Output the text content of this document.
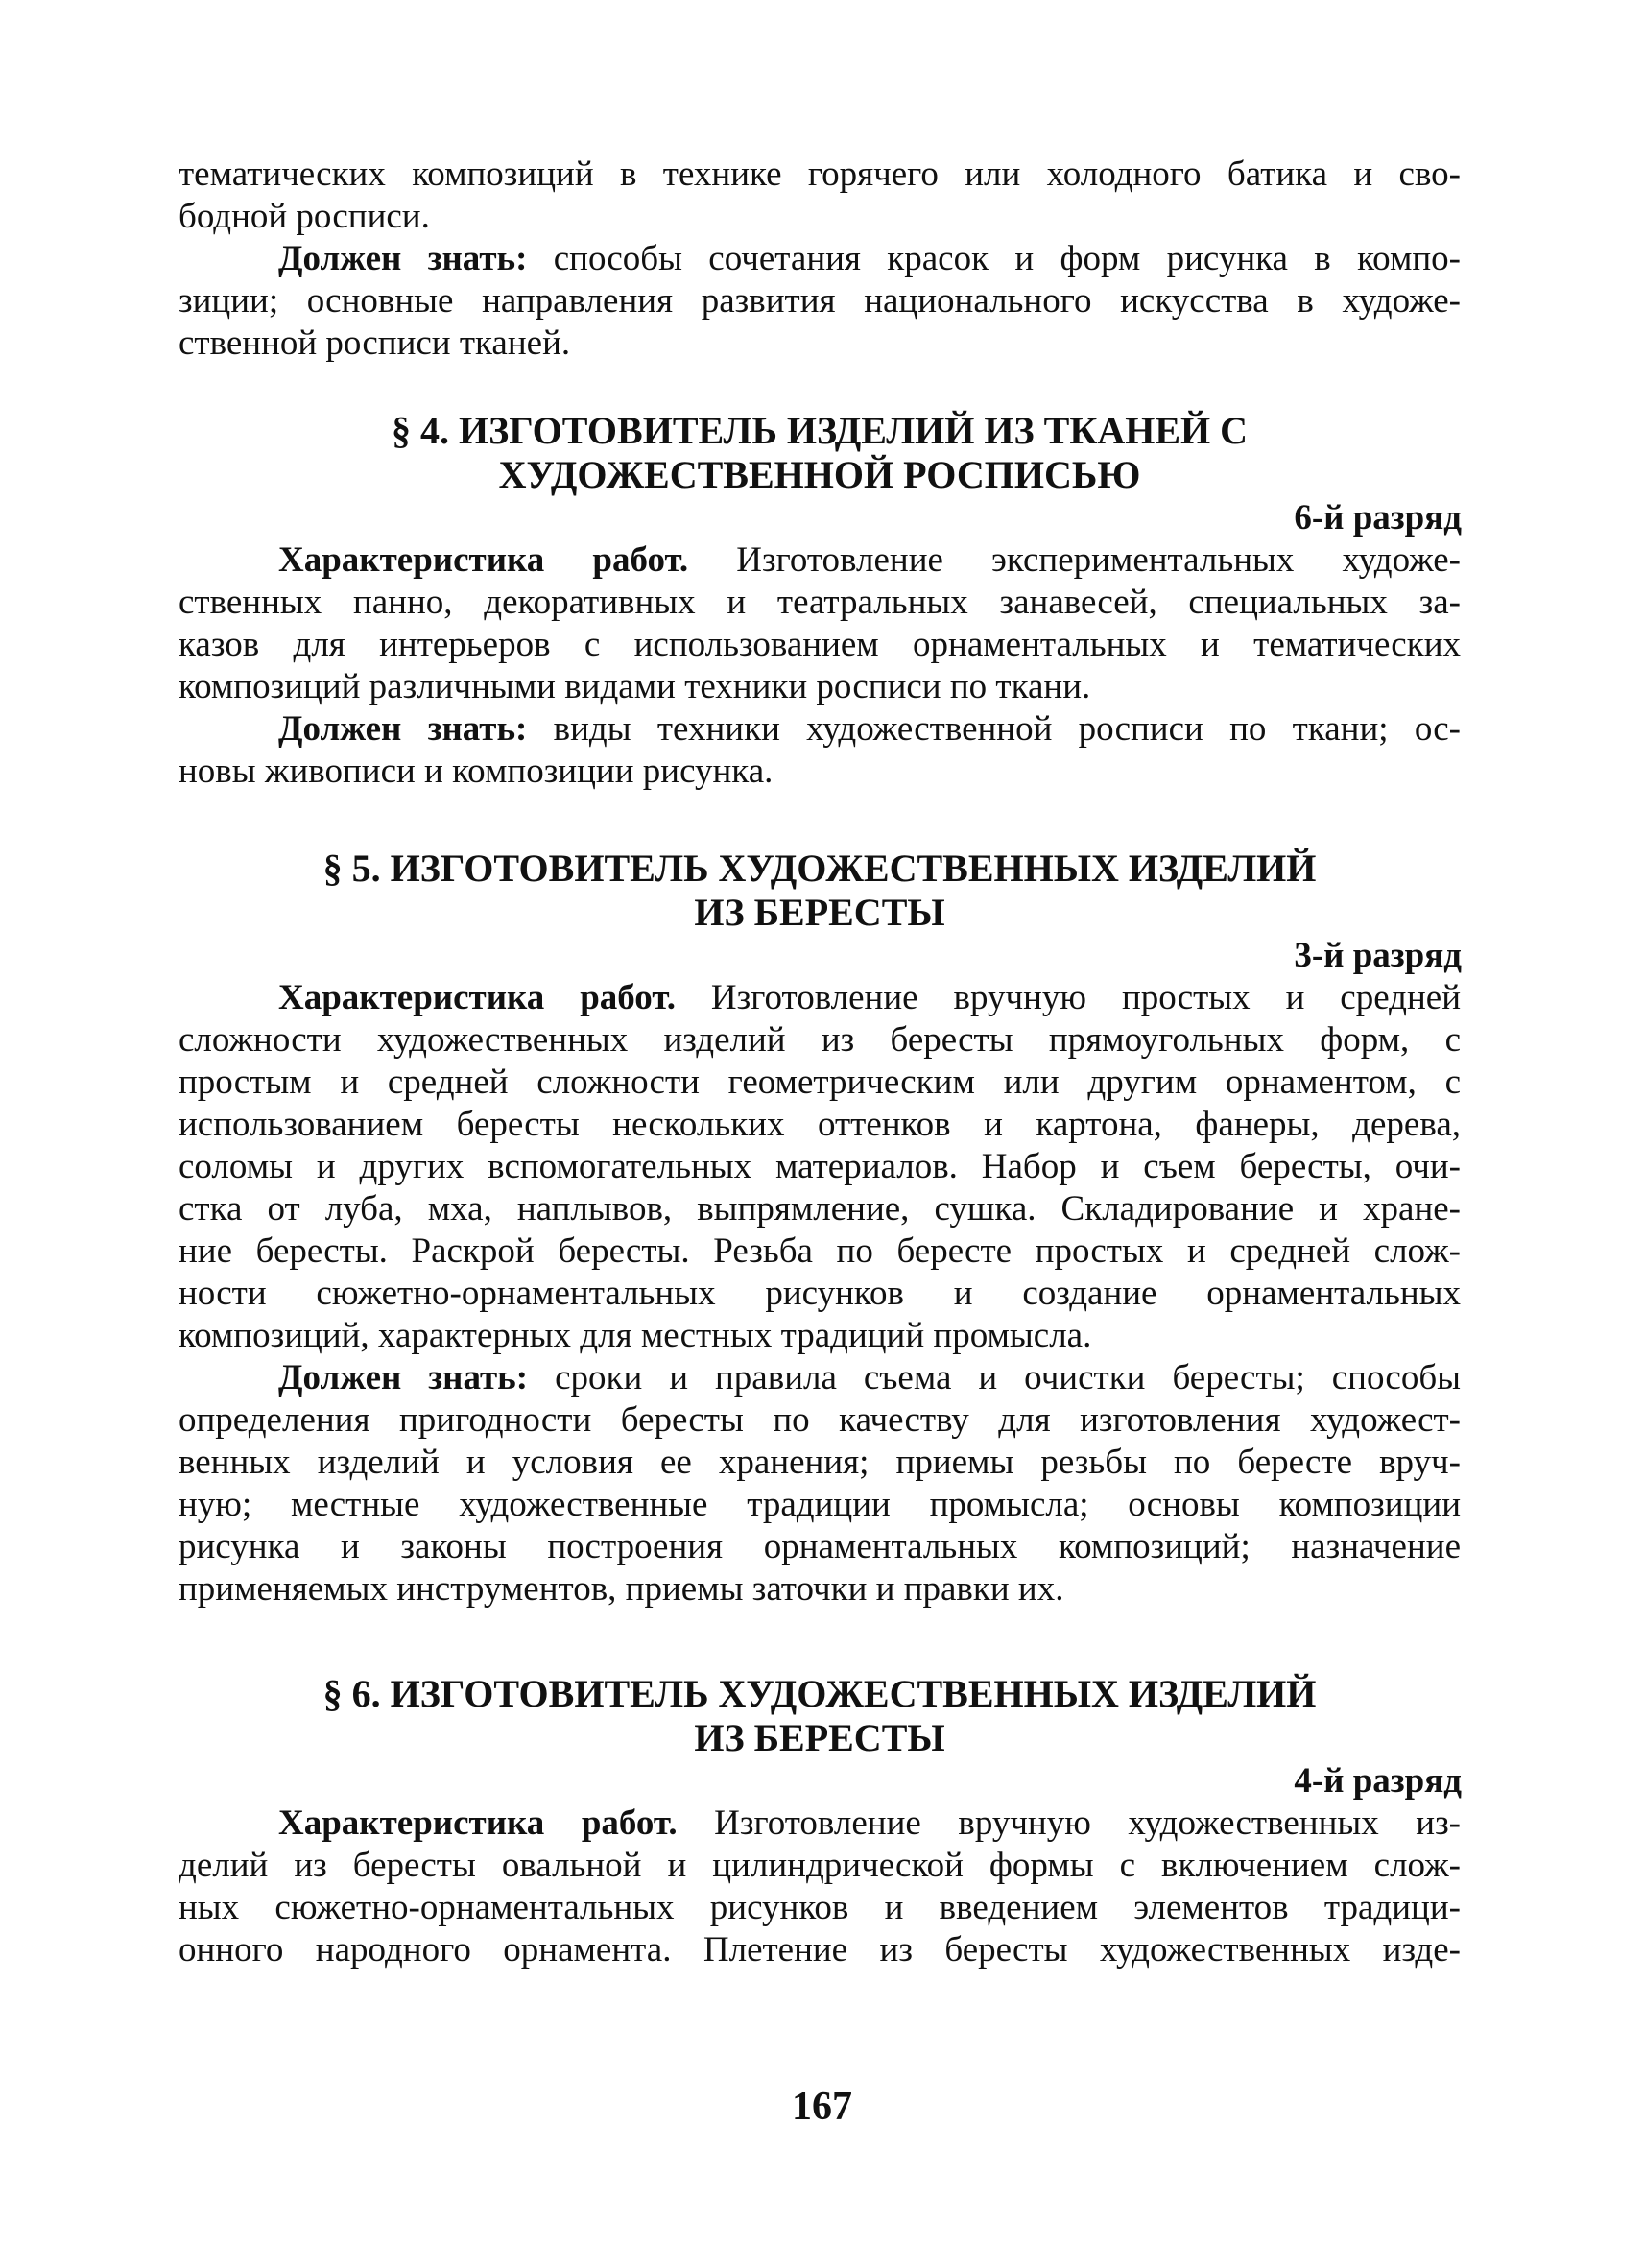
тематических композиций в технике горячего или холодного батика и сво-
бодной росписи.
Должен знать: способы сочетания красок и форм рисунка в компо-
зиции; основные направления развития национального искусства в художе-
ственной росписи тканей.
§ 4. ИЗГОТОВИТЕЛЬ ИЗДЕЛИЙ ИЗ ТКАНЕЙ С
ХУДОЖЕСТВЕННОЙ РОСПИСЬЮ
6-й разряд
Характеристика работ. Изготовление экспериментальных художе-
ственных панно, декоративных и театральных занавесей, специальных за-
казов для интерьеров с использованием орнаментальных и тематических
композиций различными видами техники росписи по ткани.
Должен знать: виды техники художественной росписи по ткани; ос-
новы живописи и композиции рисунка.
§ 5. ИЗГОТОВИТЕЛЬ ХУДОЖЕСТВЕННЫХ ИЗДЕЛИЙ
ИЗ БЕРЕСТЫ
3-й разряд
Характеристика работ. Изготовление вручную простых и средней
сложности художественных изделий из бересты прямоугольных форм, с
простым и средней сложности геометрическим или другим орнаментом, с
использованием бересты нескольких оттенков и картона, фанеры, дерева,
соломы и других вспомогательных материалов. Набор и съем бересты, очи-
стка от луба, мха, наплывов, выпрямление, сушка. Складирование и хране-
ние бересты. Раскрой бересты. Резьба по бересте простых и средней слож-
ности сюжетно-орнаментальных рисунков и создание орнаментальных
композиций, характерных для местных традиций промысла.
Должен знать: сроки и правила съема и очистки бересты; способы
определения пригодности бересты по качеству для изготовления художест-
венных изделий и условия ее хранения; приемы резьбы по бересте вруч-
ную; местные художественные традиции промысла; основы композиции
рисунка и законы построения орнаментальных композиций; назначение
применяемых инструментов, приемы заточки и правки их.
§ 6. ИЗГОТОВИТЕЛЬ ХУДОЖЕСТВЕННЫХ ИЗДЕЛИЙ
ИЗ БЕРЕСТЫ
4-й разряд
Характеристика работ. Изготовление вручную художественных из-
делий из бересты овальной и цилиндрической формы с включением слож-
ных сюжетно-орнаментальных рисунков и введением элементов традици-
онного народного орнамента. Плетение из бересты художественных изде-
167
